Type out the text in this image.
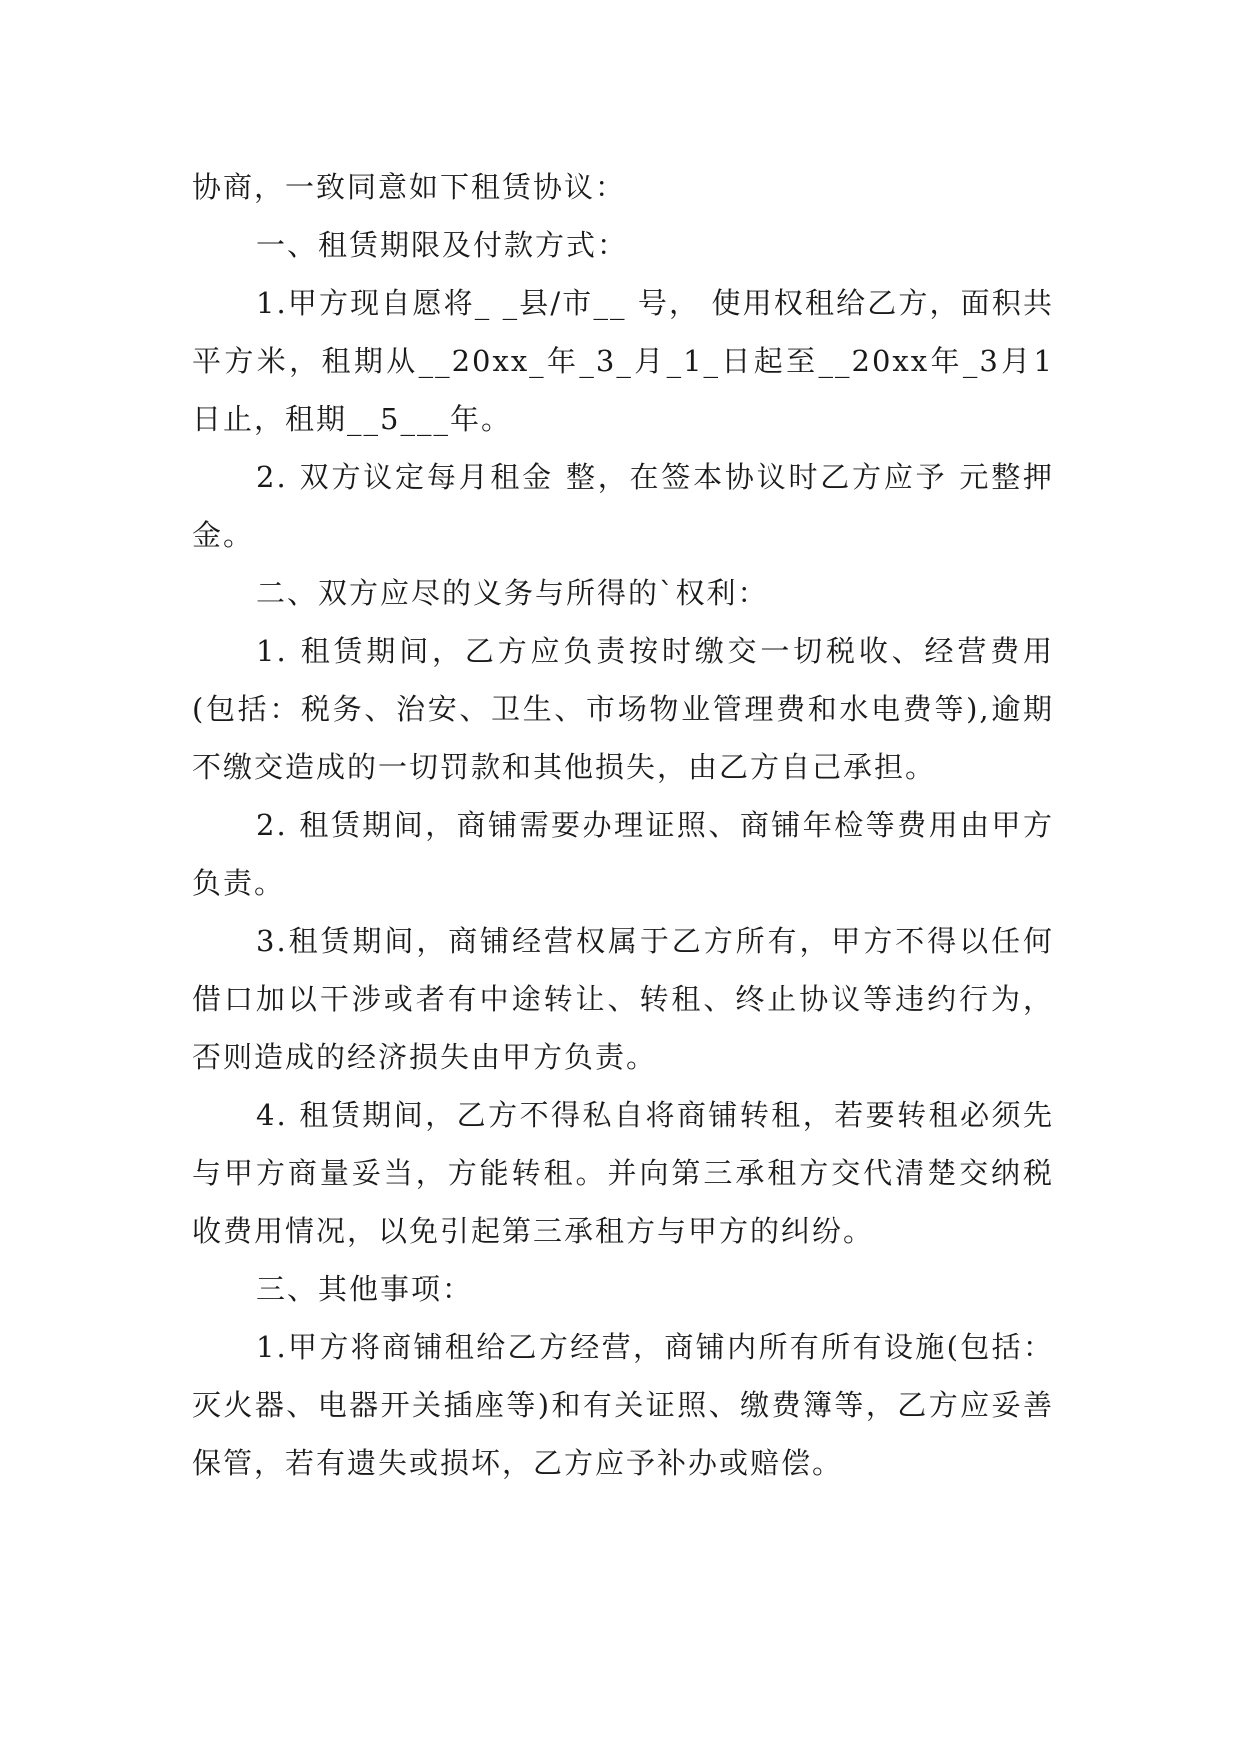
协商，一致同意如下租赁协议：

一、租赁期限及付款方式：

1.甲方现自愿将_ _县/市__ 号， 使用权租给乙方，面积共 平方米，租期从__20xx_年_3_月_1_日起至__20xx年_3月1日止，租期__5___年。

2. 双方议定每月租金 整，在签本协议时乙方应予 元整押金。

二、双方应尽的义务与所得的`权利：

1. 租赁期间，乙方应负责按时缴交一切税收、经营费用(包括：税务、治安、卫生、市场物业管理费和水电费等),逾期不缴交造成的一切罚款和其他损失，由乙方自己承担。

2. 租赁期间，商铺需要办理证照、商铺年检等费用由甲方负责。

3.租赁期间，商铺经营权属于乙方所有，甲方不得以任何借口加以干涉或者有中途转让、转租、终止协议等违约行为，否则造成的经济损失由甲方负责。

4. 租赁期间，乙方不得私自将商铺转租，若要转租必须先与甲方商量妥当，方能转租。并向第三承租方交代清楚交纳税收费用情况，以免引起第三承租方与甲方的纠纷。

三、其他事项：

1.甲方将商铺租给乙方经营，商铺内所有所有设施(包括：灭火器、电器开关插座等)和有关证照、缴费簿等，乙方应妥善保管，若有遗失或损坏，乙方应予补办或赔偿。
